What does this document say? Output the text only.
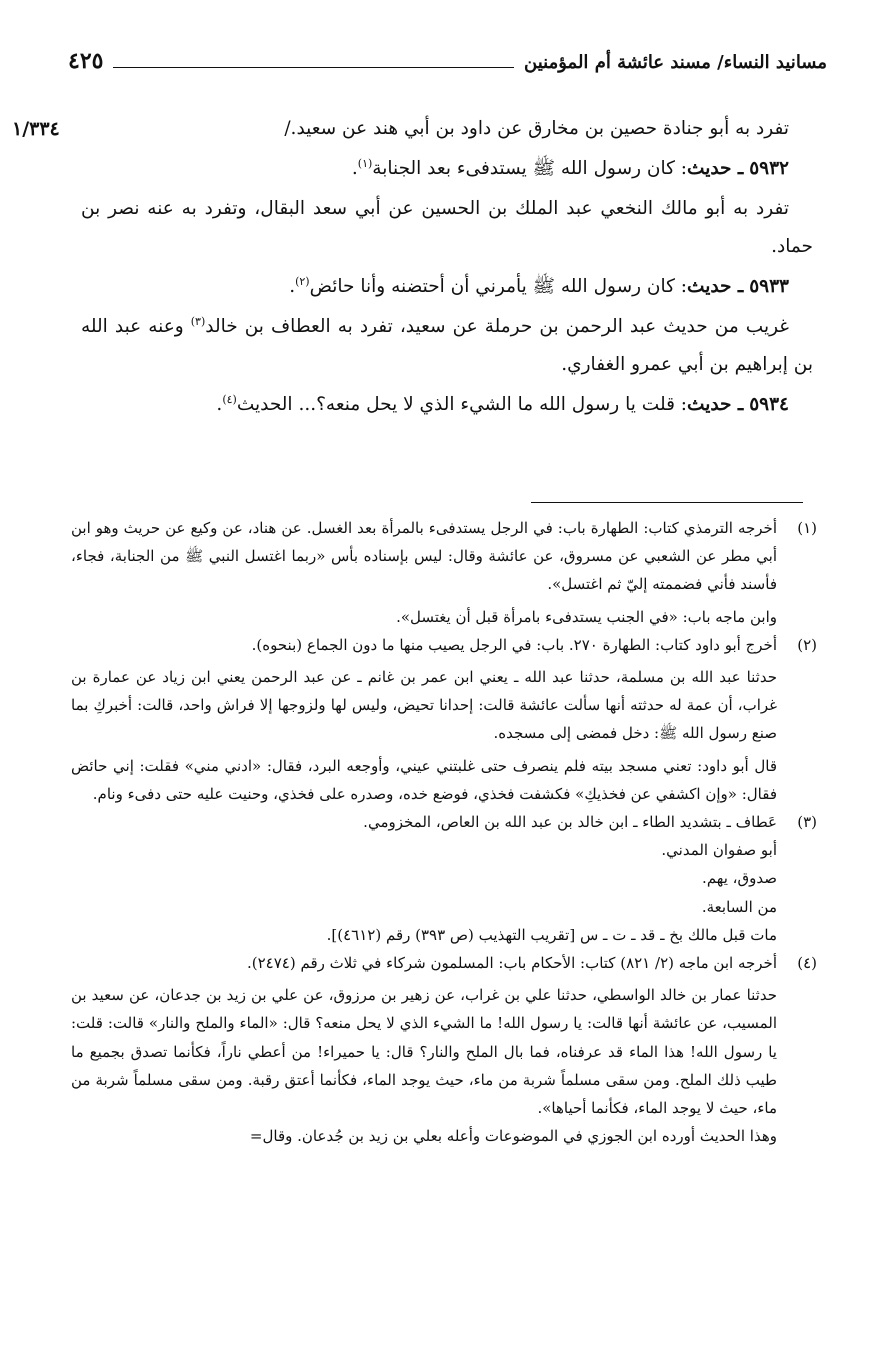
مسانيد النساء/ مسند عائشة أم المؤمنين
٤٢٥
١/٣٣٤	تفرد به أبو جنادة حصين بن مخارق عن داود بن أبي هند عن سعيد./

٥٩٣٢ ـ حديث: كان رسول الله ﷺ يستدفىء بعد الجنابة$^{(١)}$.

تفرد به أبو مالك النخعي عبد الملك بن الحسين عن أبي سعد البقال، وتفرد به عنه نصر بن حماد.

٥٩٣٣ ـ حديث: كان رسول الله ﷺ يأمرني أن أحتضنه وأنا حائض$^{(٢)}$.

غريب من حديث عبد الرحمن بن حرملة عن سعيد، تفرد به العطاف بن خالد$^{(٣)}$ وعنه عبد الله بن إبراهيم بن أبي عمرو الغفاري.

٥٩٣٤ ـ حديث: قلت يا رسول الله ما الشيء الذي لا يحل منعه؟... الحديث$^{(٤)}$.

(١)

أخرجه الترمذي كتاب: الطهارة باب: في الرجل يستدفىء بالمرأة بعد الغسل. عن هناد، عن وكيع عن حريث وهو ابن أبي مطر عن الشعبي عن مسروق، عن عائشة وقال: ليس بإسناده بأس «ربما اغتسل النبي ﷺ من الجنابة، فجاء، فأسند فأني فضممته إليّ ثم اغتسل».

وابن ماجه باب: «في الجنب يستدفىء بامرأة قبل أن يغتسل».

(٢)

أخرج أبو داود كتاب: الطهارة ٢٧٠. باب: في الرجل يصيب منها ما دون الجماع (بنحوه).

حدثنا عبد الله بن مسلمة، حدثنا عبد الله ـ يعني ابن عمر بن غانم ـ عن عبد الرحمن يعني ابن زياد عن عمارة بن غراب، أن عمة له حدثته أنها سألت عائشة قالت: إحدانا تحيض، وليس لها ولزوجها إلا فراش واحد، قالت: أخبركِ بما صنع رسول الله ﷺ: دخل فمضى إلى مسجده.

قال أبو داود: تعني مسجد بيته فلم ينصرف حتى غلبتني عيني، وأوجعه البرد، فقال: «ادني مني» فقلت: إني حائض فقال: «وإن اكشفي عن فخذيكِ» فكشفت فخذي، فوضع خده، وصدره على فخذي، وحنيت عليه حتى دفىء ونام.

(٣)

عَطاف ـ بتشديد الطاء ـ ابن خالد بن عبد الله بن العاص، المخزومي.

أبو صفوان المدني.

صدوق، يهم.

من السابعة.

مات قبل مالك بخ ـ قد ـ ت ـ س [تقريب التهذيب (ص ٣٩٣) رقم (٤٦١٢)].

(٤)

أخرجه ابن ماجه (٢/ ٨٢١) كتاب: الأحكام باب: المسلمون شركاء في ثلاث رقم (٢٤٧٤).

حدثنا عمار بن خالد الواسطي، حدثنا علي بن غراب، عن زهير بن مرزوق، عن علي بن زيد بن جدعان، عن سعيد بن المسيب، عن عائشة أنها قالت: يا رسول الله! ما الشيء الذي لا يحل منعه؟ قال: «الماء والملح والنار» قالت: قلت: يا رسول الله! هذا الماء قد عرفناه، فما بال الملح والنار؟ قال: يا حميراء! من أعطي ناراً، فكأنما تصدق بجميع ما طيب ذلك الملح. ومن سقى مسلماً شربة من ماء، حيث يوجد الماء، فكأنما أعتق رقبة. ومن سقى مسلماً شربة من ماء، حيث لا يوجد الماء، فكأنما أحياها».

وهذا الحديث أورده ابن الجوزي في الموضوعات وأعله بعلي بن زيد بن جُدعان. وقال=
